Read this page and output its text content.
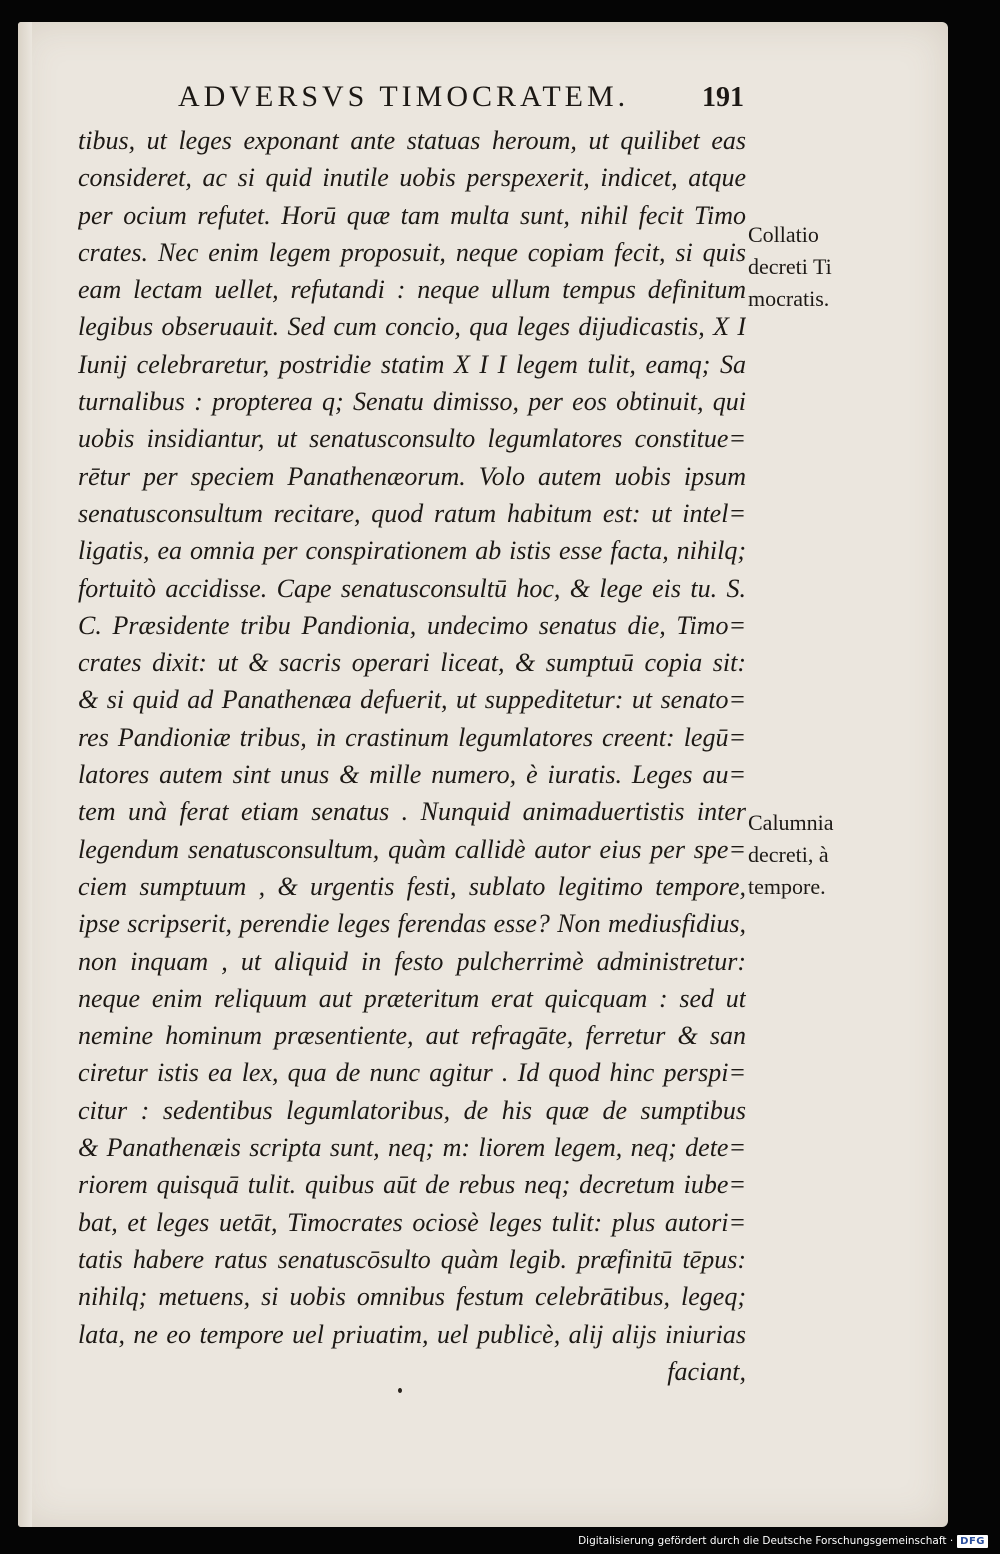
ADVERSVS TIMOCRATEM.	191
tibus, ut leges exponant ante statuas heroum, ut quilibet eas
consideret, ac si quid inutile uobis perspexerit, indicet, atque
per ocium refutet. Horū quæ tam multa sunt, nihil fecit Timo
crates. Nec enim legem proposuit, neque copiam fecit, si quis
eam lectam uellet, refutandi : neque ullum tempus definitum
legibus obseruauit. Sed cum concio, qua leges dijudicastis, X I
Iunij celebraretur, postridie statim X I I legem tulit, eamq; Sa
turnalibus : propterea q; Senatu dimisso, per eos obtinuit, qui
uobis insidiantur, ut senatusconsulto legumlatores constitue=
rētur per speciem Panathenæorum. Volo autem uobis ipsum
senatusconsultum recitare, quod ratum habitum est: ut intel=
ligatis, ea omnia per conspirationem ab istis esse facta, nihilq;
fortuitò accidisse. Cape senatusconsultū hoc, & lege eis tu. S.
C. Præsidente tribu Pandionia, undecimo senatus die, Timo=
crates dixit: ut & sacris operari liceat, & sumptuū copia sit:
& si quid ad Panathenæa defuerit, ut suppeditetur: ut senato=
res Pandioniæ tribus, in crastinum legumlatores creent: legū=
latores autem sint unus & mille numero, è iuratis. Leges au=
tem unà ferat etiam senatus . Nunquid animaduertistis inter
legendum senatusconsultum, quàm callidè autor eius per spe=
ciem sumptuum , & urgentis festi, sublato legitimo tempore,
ipse scripserit, perendie leges ferendas esse? Non mediusfidius,
non inquam , ut aliquid in festo pulcherrimè administretur:
neque enim reliquum aut præteritum erat quicquam : sed ut
nemine hominum præsentiente, aut refragāte, ferretur & san
ciretur istis ea lex, qua de nunc agitur . Id quod hinc perspi=
citur : sedentibus legumlatoribus, de his quæ de sumptibus
& Panathenæis scripta sunt, neq; m: liorem legem, neq; dete=
riorem quisquā tulit. quibus aūt de rebus neq; decretum iube=
bat, et leges uetāt, Timocrates ociosè leges tulit: plus autori=
tatis habere ratus senatuscōsulto quàm legib. præfinitū tēpus:
nihilq; metuens, si uobis omnibus festum celebrātibus, legeq;
lata, ne eo tempore uel priuatim, uel publicè, alij alijs iniurias
faciant,
Collatio
decreti Ti
mocratis.
Calumnia
decreti, à
tempore.
Digitalisierung gefördert durch die Deutsche Forschungsgemeinschaft · DFG
